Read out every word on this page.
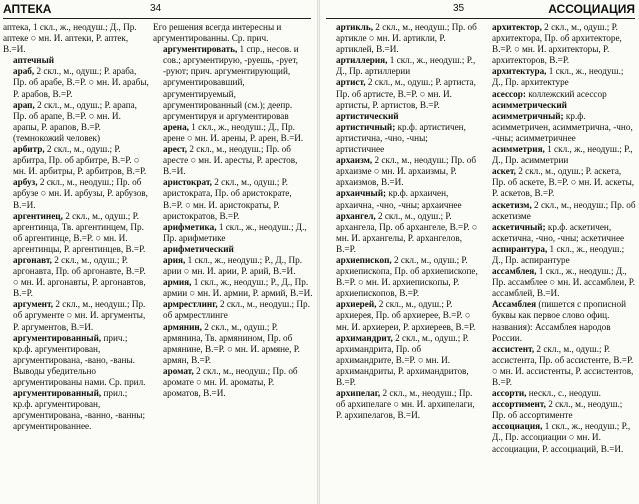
АПТЕКА	34

аптека, 1 скл., ж., неодуш.; Д., Пр. аптеке ○ мн. И. аптеки, Р. аптек, В.=И.

аптечный

араб, 2 скл., м., одуш.; Р. араба, Пр. об арабе, В.=Р. ○ мн. И. арабы, Р. арабов, В.=Р.

арап, 2 скл., м., одуш.; Р. арапа, Пр. об арапе, В.=Р. ○ мн. И. арапы, Р. арапов, В.=Р. (темнокожий человек)

арбитр, 2 скл., м., одуш.; Р. арбитра, Пр. об арбитре, В.=Р. ○ мн. И. арбитры, Р. арбитров, В.=Р.

арбуз, 2 скл., м., неодуш.; Пр. об арбузе ○ мн. И. арбузы, Р. арбузов, В.=И.

аргентинец, 2 скл., м., одуш.; Р. аргентинца, Тв. аргентинцем, Пр. об аргентинце, В.=Р. ○ мн. И. аргентинцы, Р. аргентинцев, В.=Р.

аргонавт, 2 скл., м., одуш.; Р. аргонавта, Пр. об аргонавте, В.=Р. ○ мн. И. аргонавты, Р. аргонавтов, В.=Р.

аргумент, 2 скл., м., неодуш.; Пр. об аргументе ○ мн. И. аргументы, Р. аргументов, В.=И.

аргументированный, прич.; кр.ф. аргументирован, аргументирована, -вано, -ваны. Выводы убедительно аргументированы нами. Ср. прил.

аргументированный, прил.; кр.ф. аргументирован, аргументирована, -ванно, -ванны; аргументированнее.

Его решения всегда интересны и аргументированны. Ср. прич.

аргументировать, 1 спр., несов. и сов.; аргументирую, -руешь, -рует, -руют; прич. аргументирующий, аргументировавший, аргументируемый, аргументированный (см.); деепр. аргументируя и аргументировав

арена, 1 скл., ж., неодуш.; Д., Пр. арене ○ мн. И. арены, Р. арен, В.=И.

арест, 2 скл., м., неодуш.; Пр. об аресте ○ мн. И. аресты, Р. арестов, В.=И.

аристократ, 2 скл., м., одуш.; Р. аристократа, Пр. об аристократе, В.=Р. ○ мн. И. аристократы, Р. аристократов, В.=Р.

арифметика, 1 скл., ж., неодуш.; Д., Пр. арифметике

арифметический

ария, 1 скл., ж., неодуш.; Р., Д., Пр. арии ○ мн. И. арии, Р. арий, В.=И.

армия, 1 скл., ж., неодуш.; Р., Д., Пр. армии ○ мн. И. армии, Р. армий, В.=И.

армрестлинг, 2 скл., м., неодуш.; Пр. об армрестлинге

армянин, 2 скл., м., одуш.; Р. армянина, Тв. армянином, Пр. об армянине, В.=Р. ○ мн. И. армяне, Р. армян, В.=Р.

аромат, 2 скл., м., неодуш.; Пр. об аромате ○ мн. И. ароматы, Р. ароматов, В.=И.

35	АССОЦИАЦИЯ

артикль, 2 скл., м., неодуш.; Пр. об артикле ○ мн. И. артикли, Р. артиклей, В.=И.

артиллерия, 1 скл., ж., неодуш.; Р., Д., Пр. артиллерии

артист, 2 скл., м., одуш.; Р. артиста, Пр. об артисте, В.=Р. ○ мн. И. артисты, Р. артистов, В.=Р.

артистический

артистичный; кр.ф. артистичен, артистична, -чно, -чны; артистичнее

архаизм, 2 скл., м., неодуш.; Пр. об архаизме ○ мн. И. архаизмы, Р. архаизмов, В.=И.

архаичный; кр.ф. архаичен, архаична, -чно, -чны; архаичнее

архангел, 2 скл., м., одуш.; Р. архангела, Пр. об архангеле, В.=Р. ○ мн. И. архангелы, Р. архангелов, В.=Р.

архиепископ, 2 скл., м., одуш.; Р. архиепископа, Пр. об архиепископе, В.=Р. ○ мн. И. архиепископы, Р. архиепископов, В.=Р.

архиерей, 2 скл., м., одуш.; Р. архиерея, Пр. об архиерее, В.=Р. ○ мн. И. архиереи, Р. архиереев, В.=Р.

архимандрит, 2 скл., м., одуш.; Р. архимандрита, Пр. об архимандрите, В.=Р. ○ мн. И. архимандриты, Р. архимандритов, В.=Р.

архипелаг, 2 скл., м., неодуш.; Пр. об архипелаге ○ мн. И. архипелаги, Р. архипелагов, В.=И.

архитектор, 2 скл., м., одуш.; Р. архитектора, Пр. об архитекторе, В.=Р. ○ мн. И. архитекторы, Р. архитекторов, В.=Р.

архитектура, 1 скл., ж., неодуш.; Д., Пр. архитектуре

асессор: коллежский асессор

асимметрический

асимметричный; кр.ф. асимметричен, асимметрична, -чно, -чны; асимметричнее

асимметрия, 1 скл., ж., неодуш.; Р., Д., Пр. асимметрии

аскет, 2 скл., м., одуш.; Р. аскета, Пр. об аскете, В.=Р. ○ мн. И. аскеты, Р. аскетов, В.=Р.

аскетизм, 2 скл., м., неодуш.; Пр. об аскетизме

аскетичный; кр.ф. аскетичен, аскетична, -чно, -чны; аскетичнее

аспирантура, 1 скл., ж., неодуш.; Д., Пр. аспирантуре

ассамблея, 1 скл., ж., неодуш.; Д., Пр. ассамблее ○ мн. И. ассамблеи, Р. ассамблей, В.=И.

Ассамблея (пишется с прописной буквы как первое слово офиц. названия): Ассамблея народов России.

ассистент, 2 скл., м., одуш.; Р. ассистента, Пр. об ассистенте, В.=Р. ○ мн. И. ассистенты, Р. ассистентов, В.=Р.

ассорти, нескл., с., неодуш.

ассортимент, 2 скл., м., неодуш.; Пр. об ассортименте

ассоциация, 1 скл., ж., неодуш.; Р., Д., Пр. ассоциации ○ мн. И. ассоциации, Р. ассоциаций, В.=И.
